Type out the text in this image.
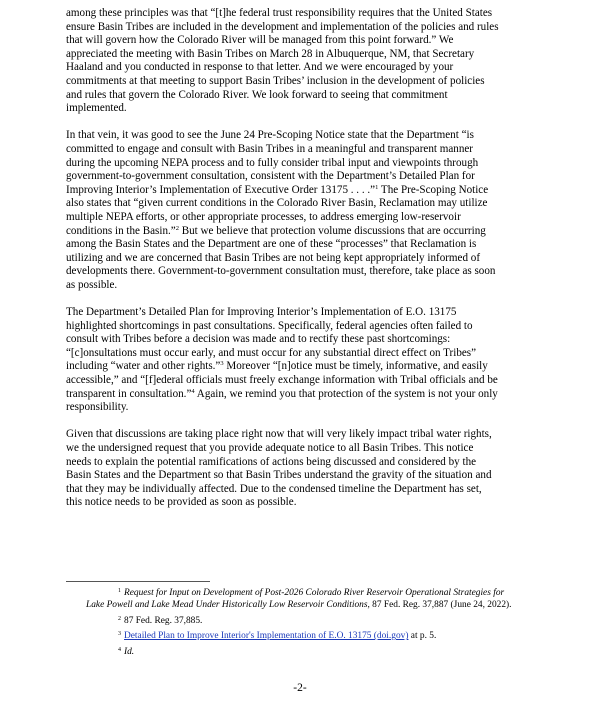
among these principles was that “[t]he federal trust responsibility requires that the United States
ensure Basin Tribes are included in the development and implementation of the policies and rules
that will govern how the Colorado River will be managed from this point forward.” We
appreciated the meeting with Basin Tribes on March 28 in Albuquerque, NM, that Secretary
Haaland and you conducted in response to that letter. And we were encouraged by your
commitments at that meeting to support Basin Tribes’ inclusion in the development of policies
and rules that govern the Colorado River. We look forward to seeing that commitment
implemented.

In that vein, it was good to see the June 24 Pre-Scoping Notice state that the Department “is
committed to engage and consult with Basin Tribes in a meaningful and transparent manner
during the upcoming NEPA process and to fully consider tribal input and viewpoints through
government-to-government consultation, consistent with the Department’s Detailed Plan for
Improving Interior’s Implementation of Executive Order 13175 . . . .”$^1$ The Pre-Scoping Notice
also states that “given current conditions in the Colorado River Basin, Reclamation may utilize
multiple NEPA efforts, or other appropriate processes, to address emerging low-reservoir
conditions in the Basin.”$^2$ But we believe that protection volume discussions that are occurring
among the Basin States and the Department are one of these “processes” that Reclamation is
utilizing and we are concerned that Basin Tribes are not being kept appropriately informed of
developments there. Government-to-government consultation must, therefore, take place as soon
as possible.

The Department’s Detailed Plan for Improving Interior’s Implementation of E.O. 13175
highlighted shortcomings in past consultations. Specifically, federal agencies often failed to
consult with Tribes before a decision was made and to rectify these past shortcomings:
“[c]onsultations must occur early, and must occur for any substantial direct effect on Tribes”
including “water and other rights.”$^3$ Moreover “[n]otice must be timely, informative, and easily
accessible,” and “[f]ederal officials must freely exchange information with Tribal officials and be
transparent in consultation.”$^4$ Again, we remind you that protection of the system is not your only
responsibility.

Given that discussions are taking place right now that will very likely impact tribal water rights,
we the undersigned request that you provide adequate notice to all Basin Tribes. This notice
needs to explain the potential ramifications of actions being discussed and considered by the
Basin States and the Department so that Basin Tribes understand the gravity of the situation and
that they may be individually affected. Due to the condensed timeline the Department has set,
this notice needs to be provided as soon as possible.

$^1$ Request for Input on Development of Post-2026 Colorado River Reservoir Operational Strategies for
Lake Powell and Lake Mead Under Historically Low Reservoir Conditions, 87 Fed. Reg. 37,887 (June 24, 2022).
$^2$ 87 Fed. Reg. 37,885.
$^3$ Detailed Plan to Improve Interior's Implementation of E.O. 13175 (doi.gov) at p. 5.
$^4$ Id.
-2-
